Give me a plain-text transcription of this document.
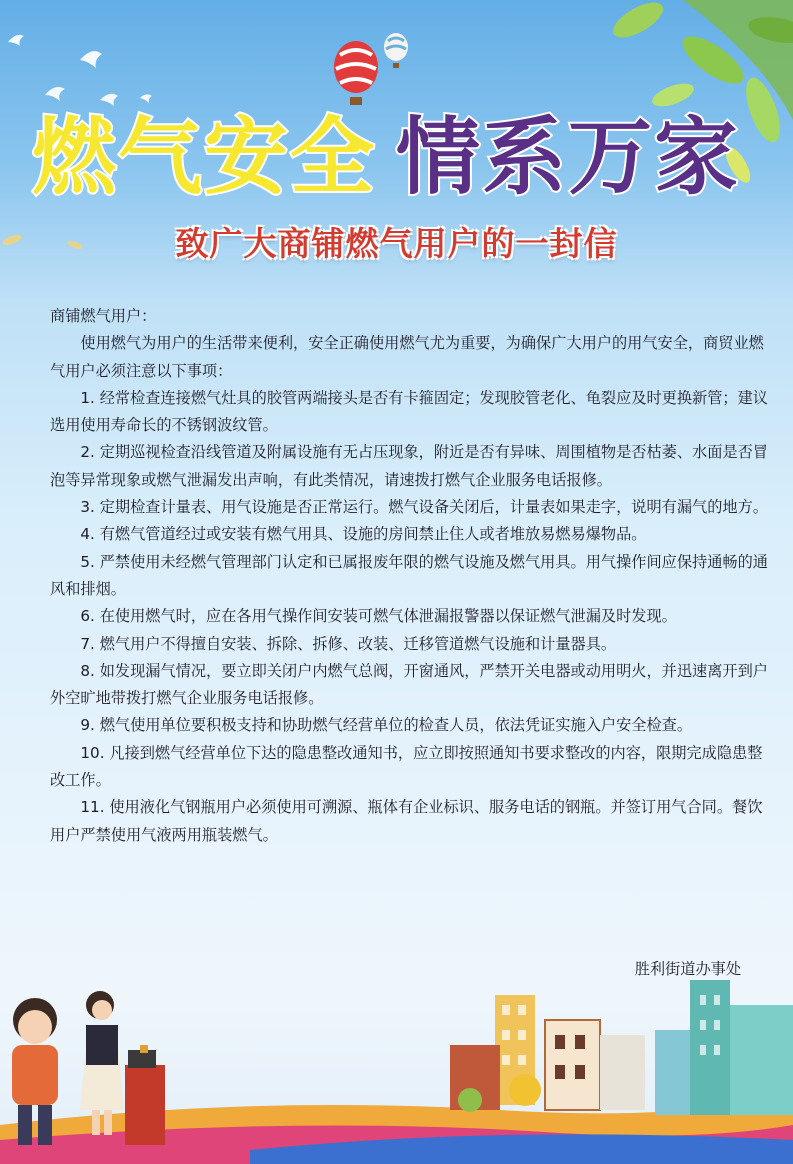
燃气安全 情系万家
致广大商铺燃气用户的一封信

商铺燃气用户：

使用燃气为用户的生活带来便利，安全正确使用燃气尤为重要，为确保广大用户的用气安全，商贸业燃气用户必须注意以下事项：

1. 经常检查连接燃气灶具的胶管两端接头是否有卡箍固定；发现胶管老化、龟裂应及时更换新管；建议选用使用寿命长的不锈钢波纹管。

2. 定期巡视检查沿线管道及附属设施有无占压现象，附近是否有异味、周围植物是否枯萎、水面是否冒泡等异常现象或燃气泄漏发出声响，有此类情况，请速拨打燃气企业服务电话报修。

3. 定期检查计量表、用气设施是否正常运行。燃气设备关闭后，计量表如果走字，说明有漏气的地方。

4. 有燃气管道经过或安装有燃气用具、设施的房间禁止住人或者堆放易燃易爆物品。

5. 严禁使用未经燃气管理部门认定和已属报废年限的燃气设施及燃气用具。用气操作间应保持通畅的通风和排烟。

6. 在使用燃气时，应在各用气操作间安装可燃气体泄漏报警器以保证燃气泄漏及时发现。

7. 燃气用户不得擅自安装、拆除、拆修、改装、迁移管道燃气设施和计量器具。

8. 如发现漏气情况，要立即关闭户内燃气总阀，开窗通风，严禁开关电器或动用明火，并迅速离开到户外空旷地带拨打燃气企业服务电话报修。

9. 燃气使用单位要积极支持和协助燃气经营单位的检查人员，依法凭证实施入户安全检查。

10. 凡接到燃气经营单位下达的隐患整改通知书，应立即按照通知书要求整改的内容，限期完成隐患整改工作。

11. 使用液化气钢瓶用户必须使用可溯源、瓶体有企业标识、服务电话的钢瓶。并签订用气合同。餐饮用户严禁使用气液两用瓶装燃气。

胜利街道办事处
